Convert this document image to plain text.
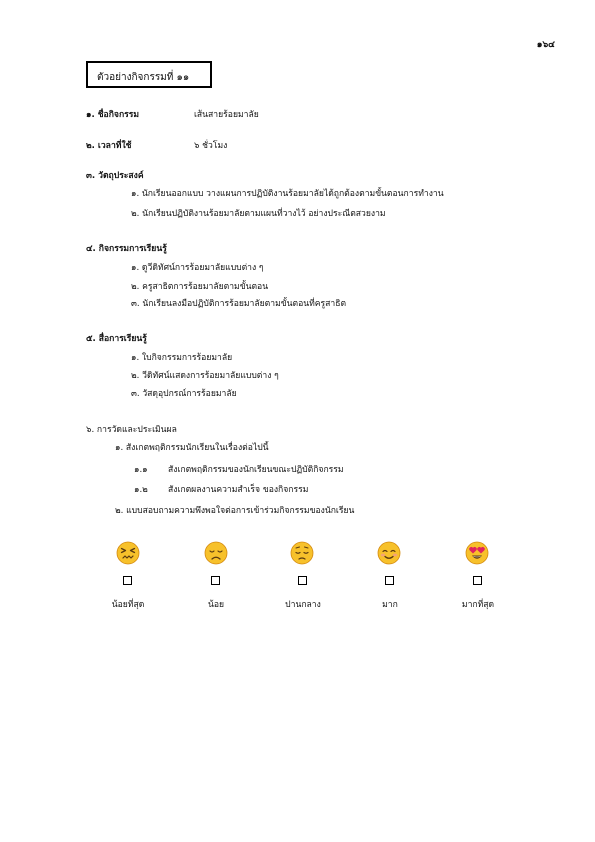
๑๖๔
ตัวอย่างกิจกรรมที่ ๑๑
๑. ชื่อกิจกรรม	เส้นสายร้อยมาลัย
๒. เวลาที่ใช้	๖ ชั่วโมง
๓. วัตถุประสงค์
๑. นักเรียนออกแบบ วางแผนการปฏิบัติงานร้อยมาลัยได้ถูกต้องตามขั้นตอนการทำงาน
๒. นักเรียนปฏิบัติงานร้อยมาลัยตามแผนที่วางไว้ อย่างประณีตสวยงาม
๔. กิจกรรมการเรียนรู้
๑. ดูวีดิทัศน์การร้อยมาลัยแบบต่าง ๆ
๒. ครูสาธิตการร้อยมาลัยตามขั้นตอน
๓. นักเรียนลงมือปฏิบัติการร้อยมาลัยตามขั้นตอนที่ครูสาธิต
๕. สื่อการเรียนรู้
๑. ใบกิจกรรมการร้อยมาลัย
๒. วีดิทัศน์แสดงการร้อยมาลัยแบบต่าง ๆ
๓. วัสดุอุปกรณ์การร้อยมาลัย
๖. การวัดและประเมินผล
๑. สังเกตพฤติกรรมนักเรียนในเรื่องต่อไปนี้
๑.๑ สังเกตพฤติกรรมของนักเรียนขณะปฏิบัติกิจกรรม
๑.๒ สังเกตผลงานความสำเร็จ ของกิจกรรม
๒. แบบสอบถามความพึงพอใจต่อการเข้าร่วมกิจกรรมของนักเรียน
น้อยที่สุด	น้อย	ปานกลาง	มาก	มากที่สุด
